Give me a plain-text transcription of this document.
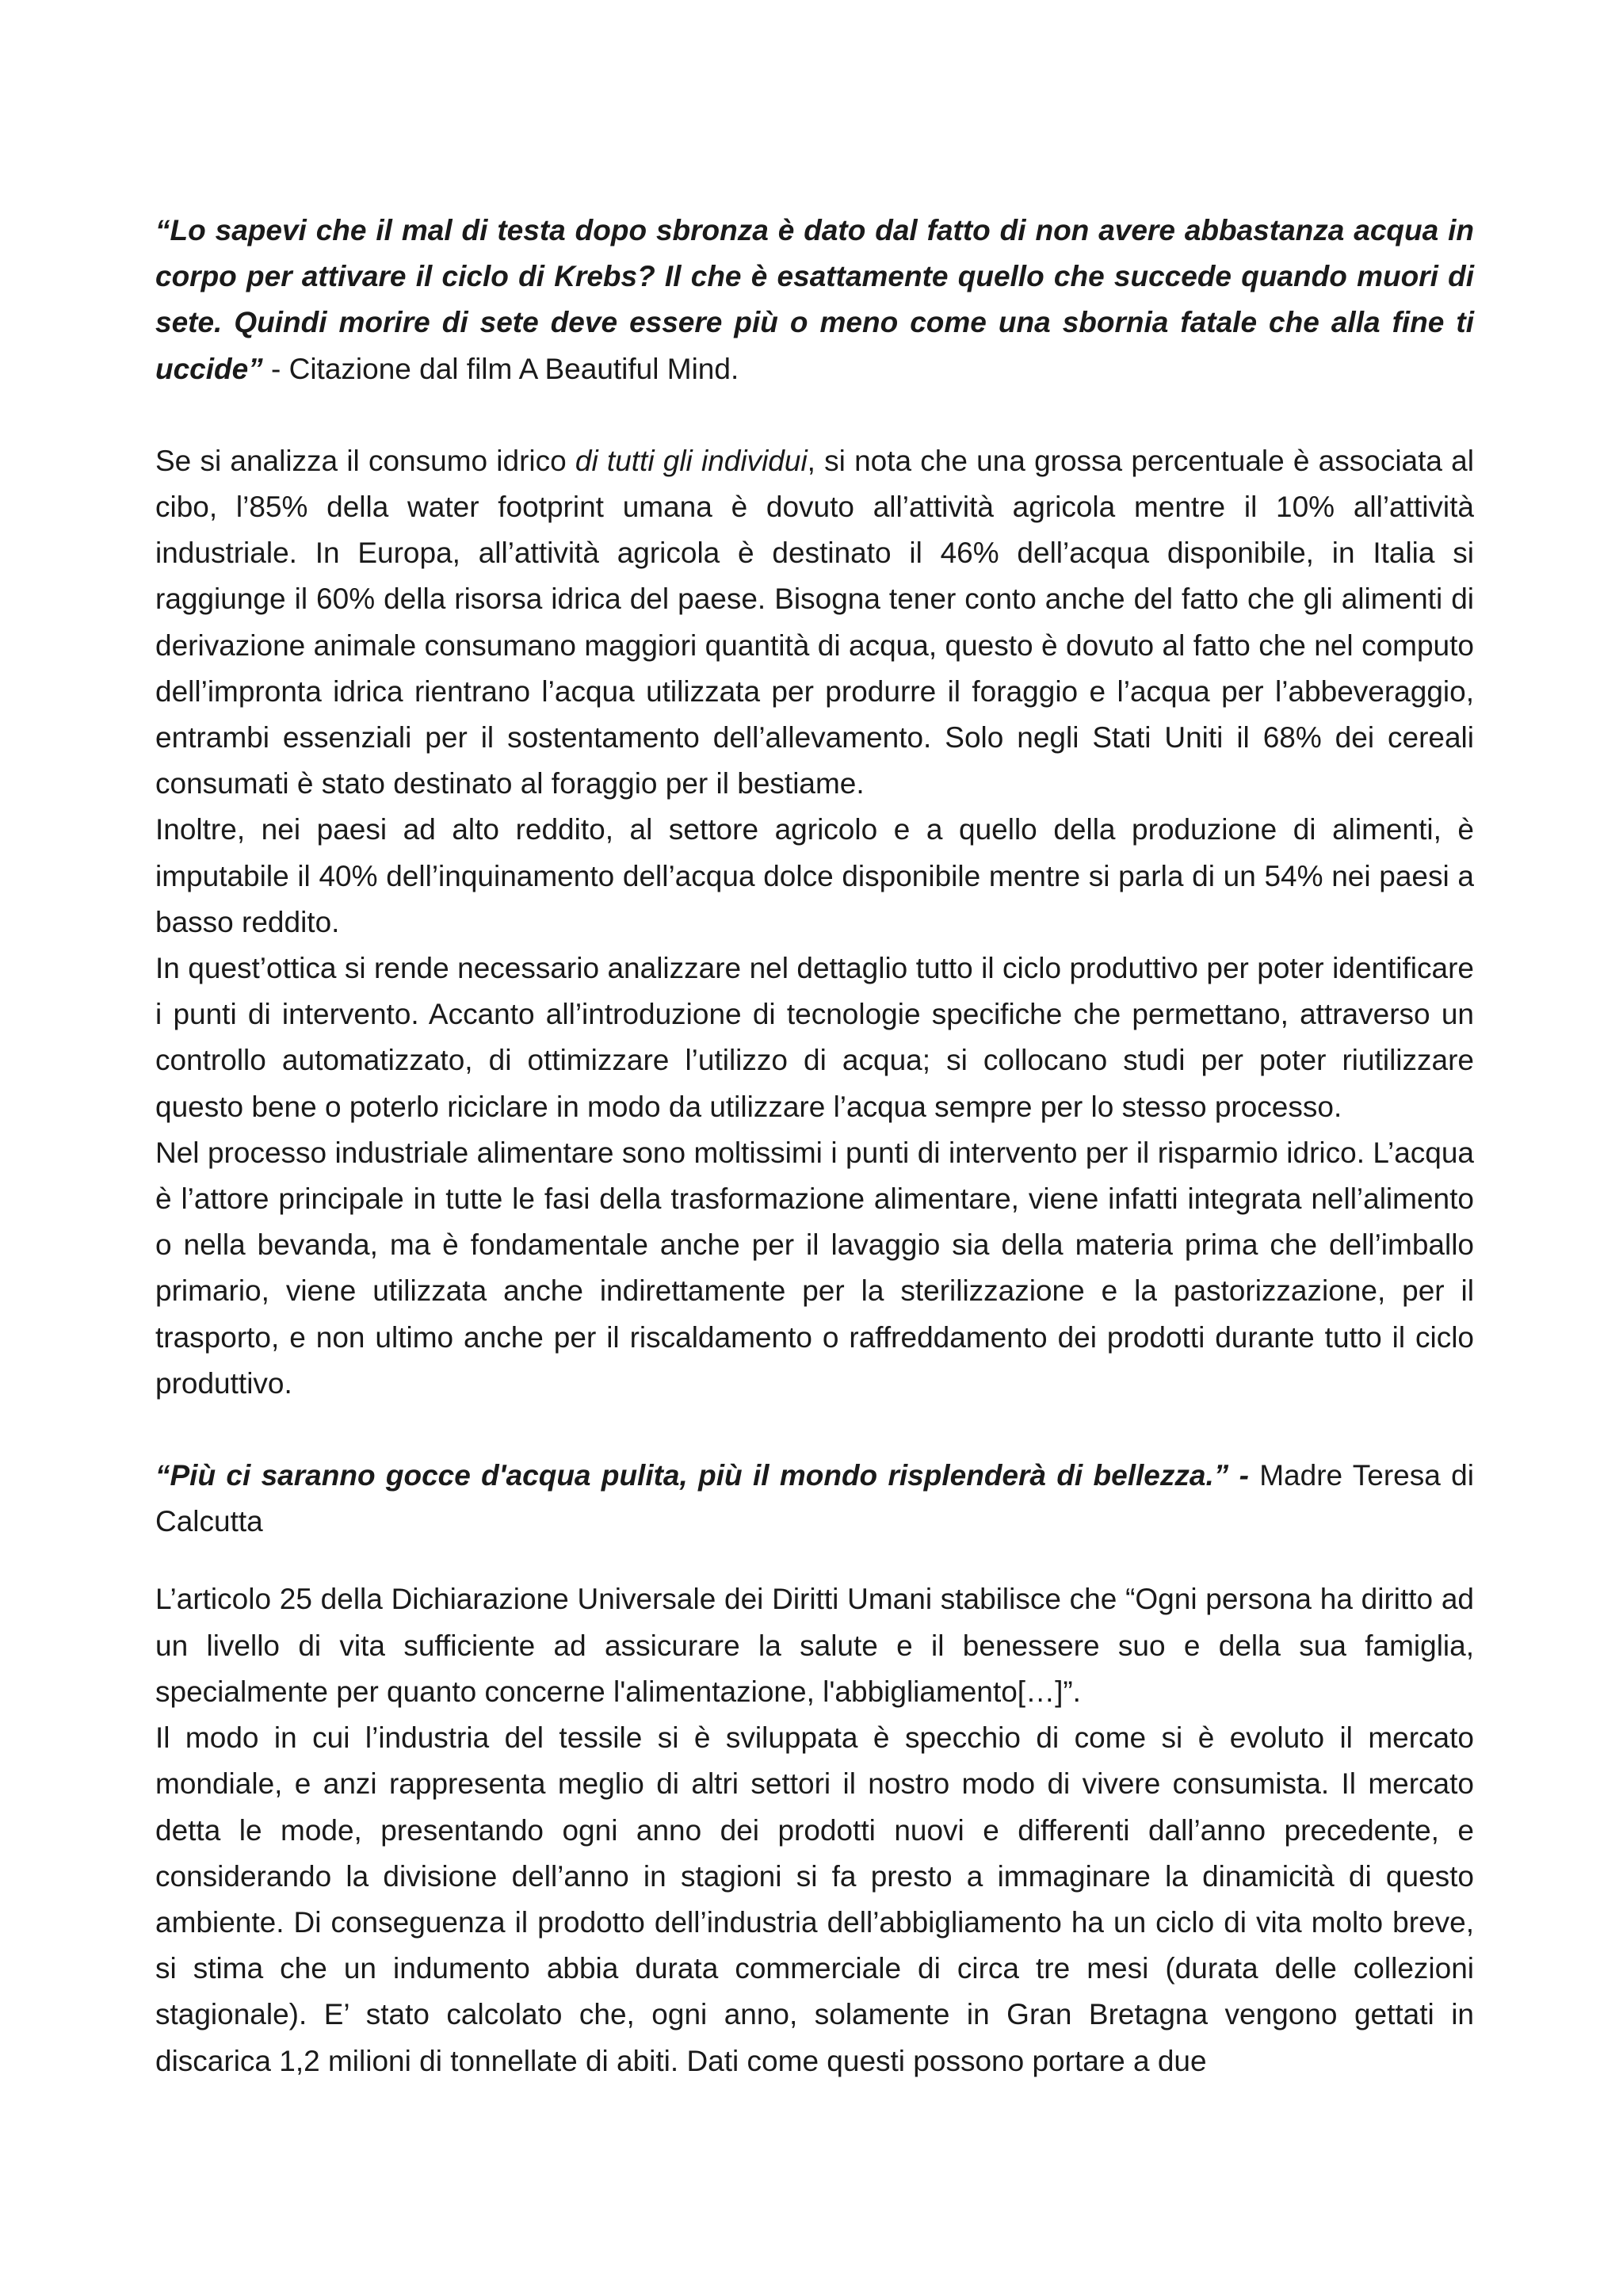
“Lo sapevi che il mal di testa dopo sbronza è dato dal fatto di non avere abbastanza acqua in corpo per attivare il ciclo di Krebs? Il che è esattamente quello che succede quando muori di sete. Quindi morire di sete deve essere più o meno come una sbornia fatale che alla fine ti uccide” - Citazione dal film A Beautiful Mind.

Se si analizza il consumo idrico di tutti gli individui, si nota che una grossa percentuale è associata al cibo, l’85% della water footprint umana è dovuto all’attività agricola mentre il 10% all’attività industriale. In Europa, all’attività agricola è destinato il 46% dell’acqua disponibile, in Italia si raggiunge il 60% della risorsa idrica del paese. Bisogna tener conto anche del fatto che gli alimenti di derivazione animale consumano maggiori quantità di acqua, questo è dovuto al fatto che nel computo dell’impronta idrica rientrano l’acqua utilizzata per produrre il foraggio e l’acqua per l’abbeveraggio, entrambi essenziali per il sostentamento dell’allevamento. Solo negli Stati Uniti il 68% dei cereali consumati è stato destinato al foraggio per il bestiame.

Inoltre, nei paesi ad alto reddito, al settore agricolo e a quello della produzione di alimenti, è imputabile il 40% dell’inquinamento dell’acqua dolce disponibile mentre si parla di un 54% nei paesi a basso reddito.

In quest’ottica si rende necessario analizzare nel dettaglio tutto il ciclo produttivo per poter identificare i punti di intervento. Accanto all’introduzione di tecnologie specifiche che permettano, attraverso un controllo automatizzato, di ottimizzare l’utilizzo di acqua; si collocano studi per poter riutilizzare questo bene o poterlo riciclare in modo da utilizzare l’acqua sempre per lo stesso processo.

Nel processo industriale alimentare sono moltissimi i punti di intervento per il risparmio idrico. L’acqua è l’attore principale in tutte le fasi della trasformazione alimentare, viene infatti integrata nell’alimento o nella bevanda, ma è fondamentale anche per il lavaggio sia della materia prima che dell’imballo primario, viene utilizzata anche indirettamente per la sterilizzazione e la pastorizzazione, per il trasporto, e non ultimo anche per il riscaldamento o raffreddamento dei prodotti durante tutto il ciclo produttivo.

“Più ci saranno gocce d'acqua pulita, più il mondo risplenderà di bellezza.” - Madre Teresa di Calcutta

L’articolo 25 della Dichiarazione Universale dei Diritti Umani stabilisce che “Ogni persona ha diritto ad un livello di vita sufficiente ad assicurare la salute e il benessere suo e della sua famiglia, specialmente per quanto concerne l'alimentazione, l'abbigliamento[…]”.

Il modo in cui l’industria del tessile si è sviluppata è specchio di come si è evoluto il mercato mondiale, e anzi rappresenta meglio di altri settori il nostro modo di vivere consumista. Il mercato detta le mode, presentando ogni anno dei prodotti nuovi e differenti dall’anno precedente, e considerando la divisione dell’anno in stagioni si fa presto a immaginare la dinamicità di questo ambiente. Di conseguenza il prodotto dell’industria dell’abbigliamento ha un ciclo di vita molto breve, si stima che un indumento abbia durata commerciale di circa tre mesi (durata delle collezioni stagionale). E’ stato calcolato che, ogni anno, solamente in Gran Bretagna vengono gettati in discarica 1,2 milioni di tonnellate di abiti. Dati come questi possono portare a due
